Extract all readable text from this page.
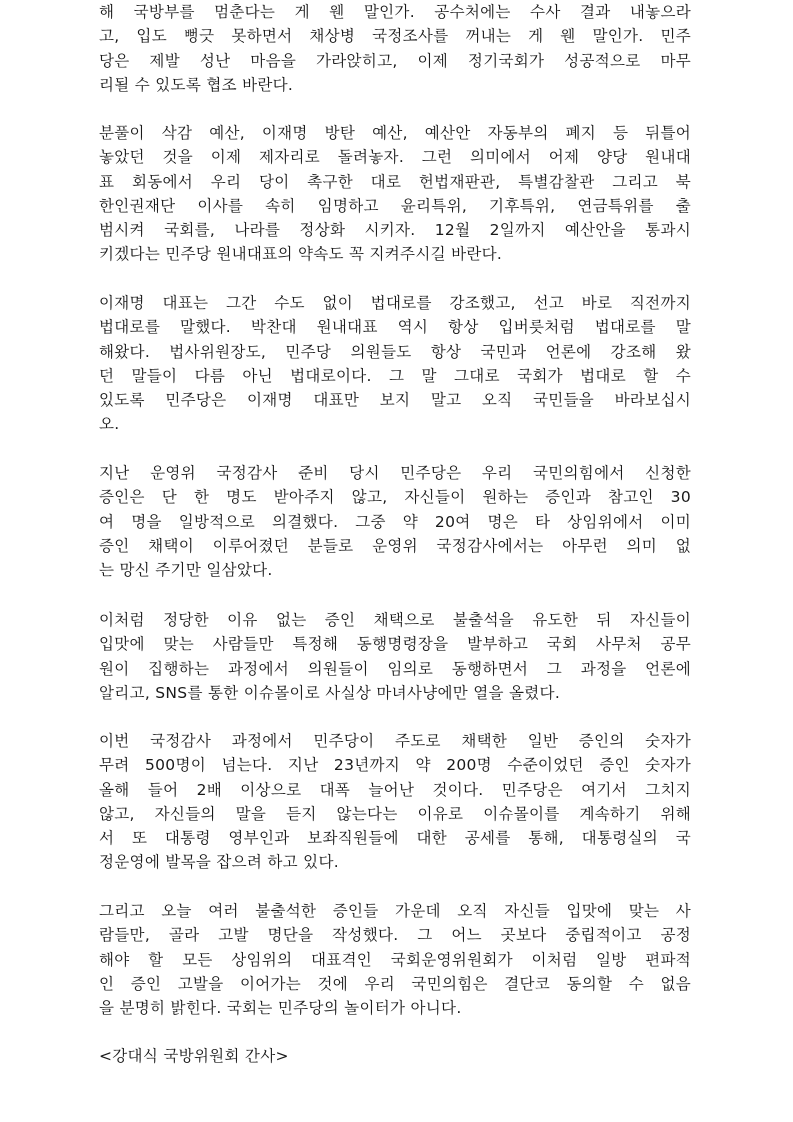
해 국방부를 멈춘다는 게 웬 말인가. 공수처에는 수사 결과 내놓으라
고, 입도 뻥긋 못하면서 채상병 국정조사를 꺼내는 게 웬 말인가. 민주
당은 제발 성난 마음을 가라앉히고, 이제 정기국회가 성공적으로 마무
리될 수 있도록 협조 바란다.
분풀이 삭감 예산, 이재명 방탄 예산, 예산안 자동부의 폐지 등 뒤틀어
놓았던 것을 이제 제자리로 돌려놓자. 그런 의미에서 어제 양당 원내대
표 회동에서 우리 당이 촉구한 대로 헌법재판관, 특별감찰관 그리고 북
한인권재단 이사를 속히 임명하고 윤리특위, 기후특위, 연금특위를 출
범시켜 국회를, 나라를 정상화 시키자. 12월 2일까지 예산안을 통과시
키겠다는 민주당 원내대표의 약속도 꼭 지켜주시길 바란다.
이재명 대표는 그간 수도 없이 법대로를 강조했고, 선고 바로 직전까지
법대로를 말했다. 박찬대 원내대표 역시 항상 입버릇처럼 법대로를 말
해왔다. 법사위원장도, 민주당 의원들도 항상 국민과 언론에 강조해 왔
던 말들이 다름 아닌 법대로이다. 그 말 그대로 국회가 법대로 할 수
있도록 민주당은 이재명 대표만 보지 말고 오직 국민들을 바라보십시
오.
지난 운영위 국정감사 준비 당시 민주당은 우리 국민의힘에서 신청한
증인은 단 한 명도 받아주지 않고, 자신들이 원하는 증인과 참고인 30
여 명을 일방적으로 의결했다. 그중 약 20여 명은 타 상임위에서 이미
증인 채택이 이루어졌던 분들로 운영위 국정감사에서는 아무런 의미 없
는 망신 주기만 일삼았다.
이처럼 정당한 이유 없는 증인 채택으로 불출석을 유도한 뒤 자신들이
입맛에 맞는 사람들만 특정해 동행명령장을 발부하고 국회 사무처 공무
원이 집행하는 과정에서 의원들이 임의로 동행하면서 그 과정을 언론에
알리고, SNS를 통한 이슈몰이로 사실상 마녀사냥에만 열을 올렸다.
이번 국정감사 과정에서 민주당이 주도로 채택한 일반 증인의 숫자가
무려 500명이 넘는다. 지난 23년까지 약 200명 수준이었던 증인 숫자가
올해 들어 2배 이상으로 대폭 늘어난 것이다. 민주당은 여기서 그치지
않고, 자신들의 말을 듣지 않는다는 이유로 이슈몰이를 계속하기 위해
서 또 대통령 영부인과 보좌직원들에 대한 공세를 통해, 대통령실의 국
정운영에 발목을 잡으려 하고 있다.
그리고 오늘 여러 불출석한 증인들 가운데 오직 자신들 입맛에 맞는 사
람들만, 골라 고발 명단을 작성했다. 그 어느 곳보다 중립적이고 공정
해야 할 모든 상임위의 대표격인 국회운영위원회가 이처럼 일방 편파적
인 증인 고발을 이어가는 것에 우리 국민의힘은 결단코 동의할 수 없음
을 분명히 밝힌다. 국회는 민주당의 놀이터가 아니다.
<강대식 국방위원회 간사>
